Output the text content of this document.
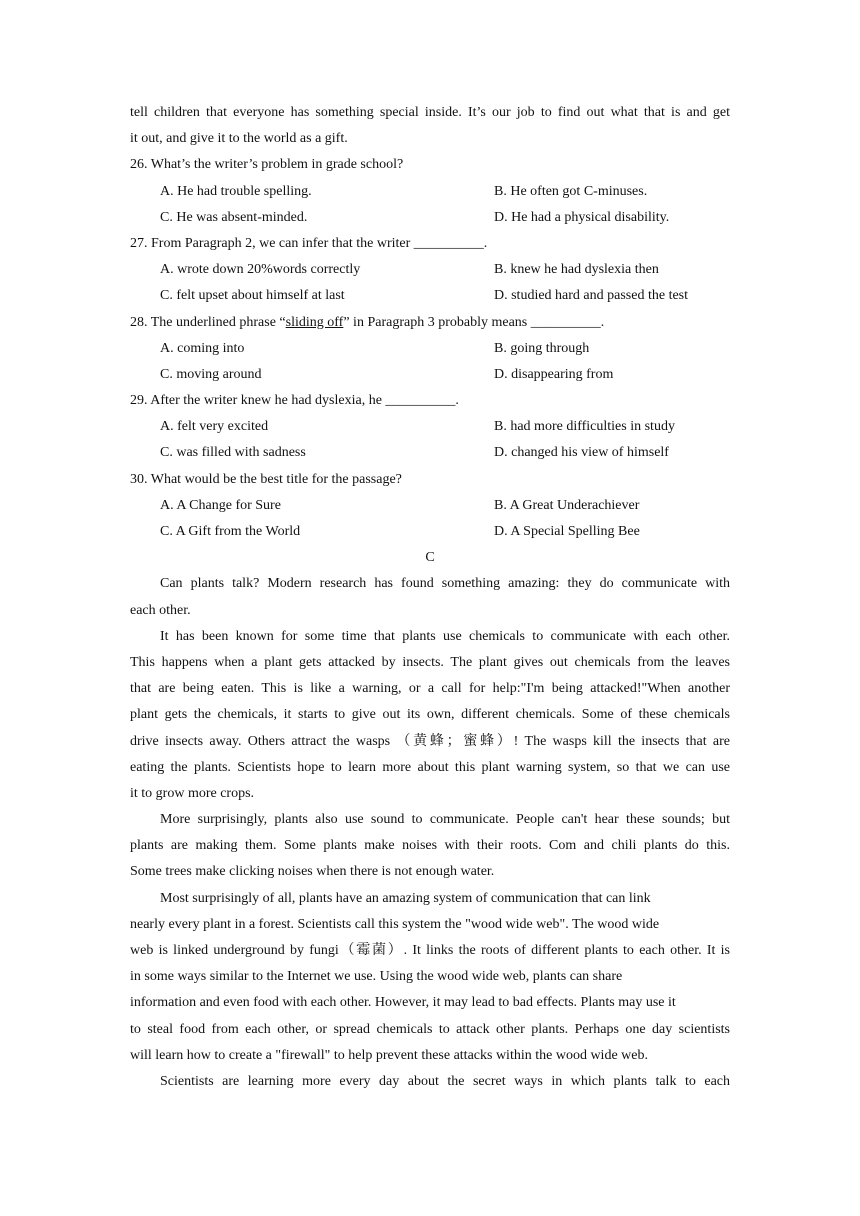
tell children that everyone has something special inside. It’s our job to find out what that is and get
it out, and give it to the world as a gift.
26. What’s the writer’s problem in grade school?
A. He had trouble spelling.	B. He often got C-minuses.
C. He was absent-minded.	D. He had a physical disability.
27. From Paragraph 2, we can infer that the writer __________.
A. wrote down 20%words correctly	B. knew he had dyslexia then
C. felt upset about himself at last	D. studied hard and passed the test
28. The underlined phrase “sliding off” in Paragraph 3 probably means __________.
A. coming into	B. going through
C. moving around	D. disappearing from
29. After the writer knew he had dyslexia, he __________.
A. felt very excited	B. had more difficulties in study
C. was filled with sadness	D. changed his view of himself
30. What would be the best title for the passage?
A. A Change for Sure	B. A Great Underachiever
C. A Gift from the World	D. A Special Spelling Bee
C
Can plants talk? Modern research has found something amazing: they do communicate with
each other.
It has been known for some time that plants use chemicals to communicate with each other.
This happens when a plant gets attacked by insects. The plant gives out chemicals from the leaves
that are being eaten. This is like a warning, or a call for help:"I'm being attacked!"When another
plant gets the chemicals, it starts to give out its own, different chemicals. Some of these chemicals
drive insects away. Others attract the wasps （黄蜂；蜜蜂）! The wasps kill the insects that are
eating the plants. Scientists hope to learn more about this plant warning system, so that we can use
it to grow more crops.
More surprisingly, plants also use sound to communicate. People can't hear these sounds; but
plants are making them. Some plants make noises with their roots. Com and chili plants do this.
Some trees make clicking noises when there is not enough water.
Most surprisingly of all, plants have an amazing system of communication that can link
nearly every plant in a forest. Scientists call this system the "wood wide web". The wood wide
web is linked underground by fungi（霉菌）. It links the roots of different plants to each other. It is
in some ways similar to the Internet we use. Using the wood wide web, plants can share
information and even food with each other. However, it may lead to bad effects. Plants may use it
to steal food from each other, or spread chemicals to attack other plants. Perhaps one day scientists
will learn how to create a "firewall" to help prevent these attacks within the wood wide web.
Scientists are learning more every day about the secret ways in which plants talk to each
